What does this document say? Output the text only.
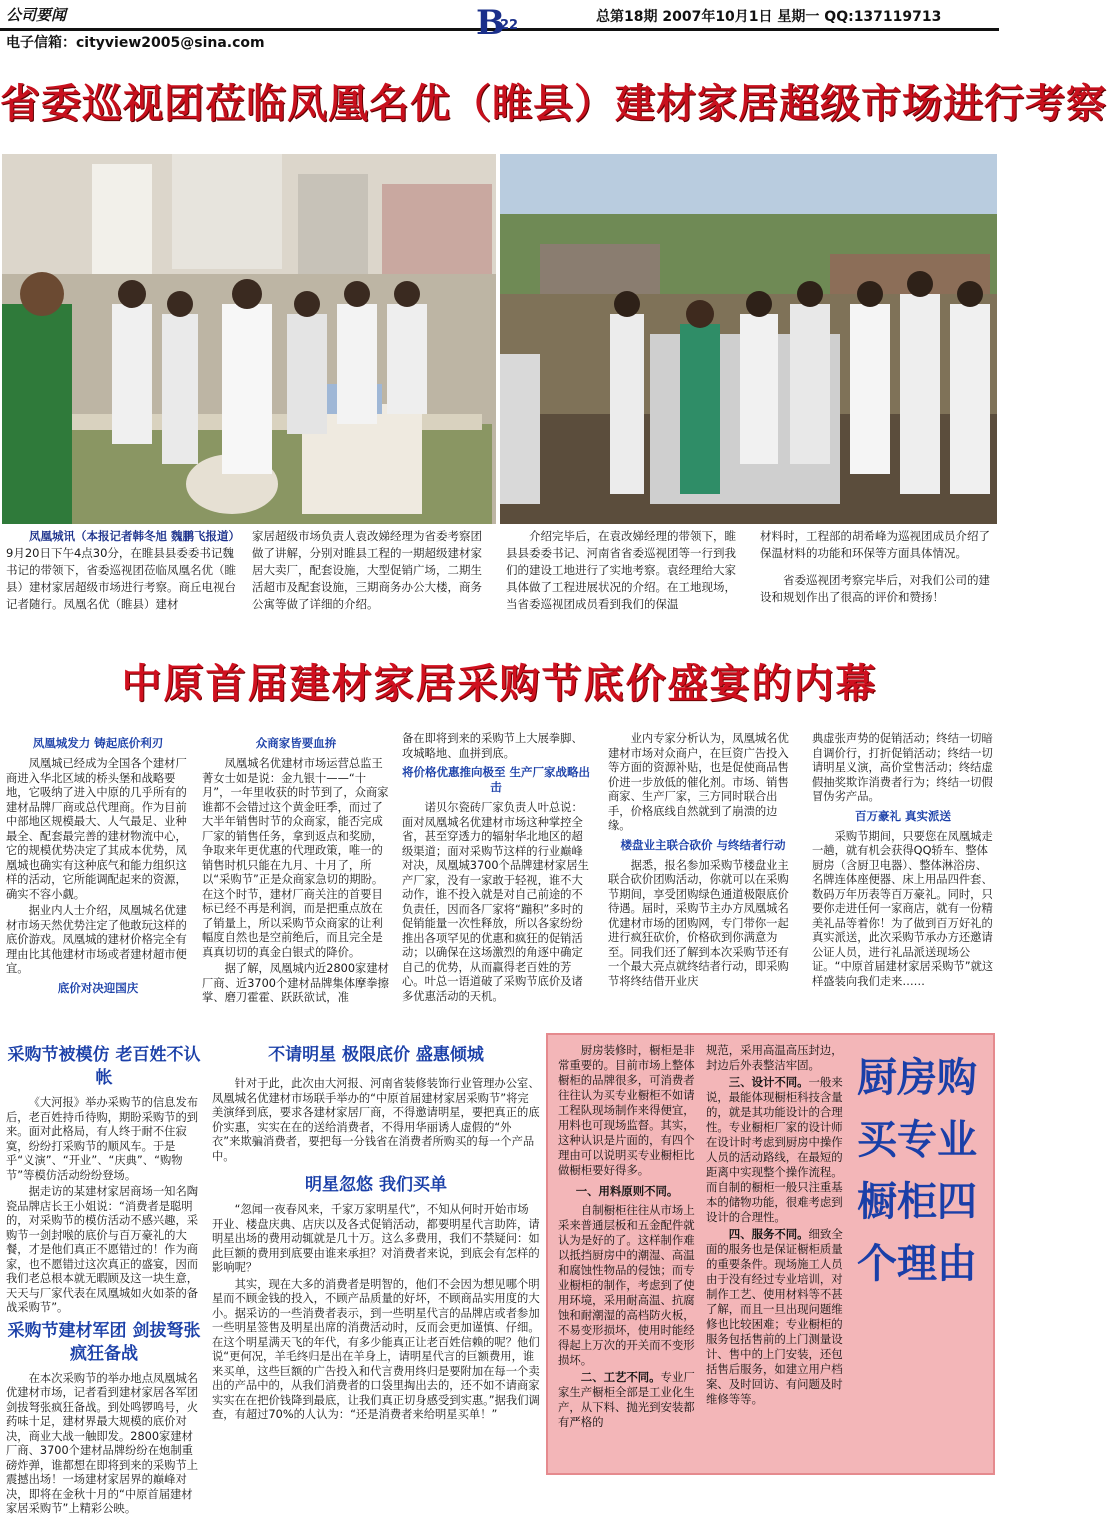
公司要闻	B
22
总第18期 2007年10月1日 星期一 QQ:137119713
电子信箱：cityview2005@sina.com
省委巡视团莅临凤凰名优（睢县）建材家居超级市场进行考察

凤凰城讯（本报记者韩冬旭 魏鹏飞报道）9月20日下午4点30分，在睢县县委委书记魏书记的带领下，省委巡视团莅临凤凰名优（睢县）建材家居超级市场进行考察。商丘电视台记者随行。凤凰名优（睢县）建材

家居超级市场负责人袁改娣经理为省委考察团做了讲解，分别对睢县工程的一期超级建材家居大卖厂，配套设施，大型促销广场，二期生活超市及配套设施，三期商务办公大楼，商务公寓等做了详细的介绍。

介绍完毕后，在袁改娣经理的带领下，睢县县委委书记、河南省省委巡视团等一行到我们的建设工地进行了实地考察。袁经理给大家具体做了工程进展状况的介绍。在工地现场，当省委巡视团成员看到我们的保温

材料时，工程部的胡希峰为巡视团成员介绍了保温材料的功能和环保等方面具体情况。

省委巡视团考察完毕后，对我们公司的建设和规划作出了很高的评价和赞扬！

中原首届建材家居采购节底价盛宴的内幕
凤凰城发力 铸起底价利刃

凤凰城已经成为全国各个建材厂商进入华北区域的桥头堡和战略要地，它吸纳了进入中原的几乎所有的建材品牌厂商或总代理商。作为目前中部地区规模最大、人气最足、业种最全、配套最完善的建材物流中心，它的规模优势决定了其成本优势，凤凰城也确实有这种底气和能力组织这样的活动，它所能调配起来的资源，确实不容小觑。

据业内人士介绍，凤凰城名优建材市场天然优势注定了他敢玩这样的底价游戏。凤凰城的建材价格完全有理由比其他建材市场或者建材超市便宜。

底价对决迎国庆
众商家皆要血拚

凤凰城名优建材市场运营总监王菁女士如是说：金九银十——“十月”，一年里收获的时节到了，众商家谁都不会错过这个黄金旺季，而过了大半年销售时节的众商家，能否完成厂家的销售任务，拿到返点和奖励，争取来年更优惠的代理政策，唯一的销售时机只能在九月、十月了，所以“采购节”正是众商家急切的期盼。在这个时节，建材厂商关注的首要目标已经不再是利润，而是把重点放在了销量上，所以采购节众商家的让利幅度自然也是空前绝后，而且完全是真真切切的真金白银式的降价。

据了解，凤凰城内近2800家建材厂商、近3700个建材品牌集体摩拳擦掌、磨刀霍霍、跃跃欲试，准

备在即将到来的采购节上大展拳脚、攻城略地、血拼到底。

将价格优惠推向极至 生产厂家战略出击

诺贝尔瓷砖厂家负责人叶总说：面对凤凰城名优建材市场这种掌控全省，甚至穿透力的辐射华北地区的超级渠道；面对采购节这样的行业巅峰对决，凤凰城3700个品牌建材家居生产厂家，没有一家敢于轻视，谁不大动作，谁不投入就是对自己前途的不负责任，因而各厂家将“蹦积”多时的促销能量一次性释放，所以各家纷纷推出各项罕见的优惠和疯狂的促销活动；以确保在这场激烈的角逐中确定自己的优势，从而赢得老百姓的芳心。叶总一语道破了采购节底价及诸多优惠活动的天机。

业内专家分析认为，凤凰城名优建材市场对众商户，在巨资广告投入等方面的资源补贴，也是促使商品售价进一步放低的催化剂。市场、销售商家、生产厂家，三方同时联合出手，价格底线自然就到了崩溃的边缘。

楼盘业主联合砍价 与终结者行动

据悉，报名参加采购节楼盘业主联合砍价团购活动，你就可以在采购节期间，享受团购绿色通道极限底价待遇。届时，采购节主办方凤凰城名优建材市场的团购网，专门带你一起进行疯狂砍价，价格砍到你满意为至。同我们还了解到本次采购节还有一个最大亮点就终结者行动，即采购节将终结借开业庆

典虚张声势的促销活动；终结一切暗自调价行，打折促销活动；终结一切请明星义演，高价堂售活动；终结虚假抽奖欺诈消费者行为；终结一切假冒伪劣产品。

百万豪礼 真实派送

采购节期间，只要您在凤凰城走一趟，就有机会获得QQ轿车、整体厨房（含厨卫电器）、整体淋浴房、名牌连体座便器、床上用品四件套、数码万年历表等百万豪礼。同时，只要你走进任何一家商店，就有一份精美礼品等着你！为了做到百万好礼的真实派送，此次采购节承办方还邀请公证人员，进行礼品派送现场公证。“中原首届建材家居采购节”就这样盛装向我们走来……

采购节被模仿 老百姓不认帐

《大河报》举办采购节的信息发布后，老百姓持币待购，期盼采购节的到来。面对此格局，有人终于耐不住寂寞，纷纷打采购节的顺风车。于是乎“义演”、“开业”、“庆典”、“购物节”等模仿活动纷纷登场。

据走访的某建材家居商场一知名陶瓷品牌店长王小姐说：“消费者是聪明的，对采购节的模仿活动不感兴趣，采购节一剑封喉的底价与百万豪礼的大餐，才是他们真正不愿错过的！作为商家，也不愿错过这次真正的盛宴，因而我们老总根本就无暇顾及这一块生意，天天与厂家代表在凤凰城如火如荼的备战采购节”。

采购节建材军团 剑拔弩张疯狂备战

在本次采购节的举办地点凤凰城名优建材市场，记者看到建材家居各军团剑拔弩张疯狂备战。到处鸣锣鸣号，火药味十足，建材界最大规模的底价对决，商业大战一触即发。2800家建材厂商、3700个建材品牌纷纷在炮制重磅炸弹，谁都想在即将到来的采购节上震撼出场！一场建材家居界的巅峰对决，即将在金秋十月的“中原首届建材家居采购节”上精彩公映。

不请明星 极限底价 盛惠倾城

针对于此，此次由大河报、河南省装修装饰行业管理办公室、凤凰城名优建材市场联手举办的“中原首届建材家居采购节”将完美演绎到底，要求各建材家居厂商，不得邀请明星，要把真正的底价实惠，实实在在的送给消费者，不得用华丽诱人虚假的“外衣”来欺骗消费者，要把每一分钱省在消费者所购买的每一个产品中。

明星忽悠 我们买单

“忽闻一夜春风来，千家万家明星代”，不知从何时开始市场开业、楼盘庆典、店庆以及各式促销活动，都要明星代言助阵，请明星出场的费用动辄就是几十万。这么多费用，我们不禁疑问：如此巨额的费用到底要由谁来承担？对消费者来说，到底会有怎样的影响呢？

其实，现在大多的消费者是明智的，他们不会因为想见哪个明星而不顾金钱的投入，不顾产品质量的好坏，不顾商品实用度的大小。据采访的一些消费者表示，到一些明星代言的品牌店或者参加一些明星签售及明星出席的消费活动时，反而会更加谨慎、仔细。在这个明星满天飞的年代，有多少能真正让老百姓信赖的呢？他们说“更何况，羊毛终归是出在羊身上，请明星代言的巨额费用，谁来买单，这些巨额的广告投入和代言费用终归是要附加在每一个卖出的产品中的，从我们消费者的口袋里掏出去的，还不如不请商家实实在在把价钱降到最底，让我们真正切身感受到实惠。”据我们调查，有超过70%的人认为：“还是消费者来给明星买单！”

厨房装修时，橱柜是非常重要的。目前市场上整体橱柜的品牌很多，可消费者往往认为买专业橱柜不如请工程队现场制作来得便宜，用料也可现场监督。其实，这种认识是片面的，有四个理由可以说明买专业橱柜比做橱柜要好得多。

一、用料原则不同。

自制橱柜往往从市场上采来普通层板和五金配件就认为是好的了。这样制作难以抵挡厨房中的潮湿、高温和腐蚀性物品的侵蚀；而专业橱柜的制作，考虑到了使用环境，采用耐高温、抗腐蚀和耐潮湿的高档防火板，不易变形损坏，使用时能经得起上万次的开关而不变形损坏。

二、工艺不同。专业厂家生产橱柜全部是工业化生产，从下料、抛光到安装都有严格的

规范，采用高温高压封边，封边后外表整洁牢固。

三、设计不同。一般来说，最能体现橱柜科技含量的，就是其功能设计的合理性。专业橱柜厂家的设计师在设计时考虑到厨房中操作人员的活动路线，在最短的距离中实现整个操作流程。而自制的橱柜一般只注重基本的储物功能，很难考虑到设计的合理性。

四、服务不同。细致全面的服务也是保证橱柜质量的重要条件。现场施工人员由于没有经过专业培训，对制作工艺、使用材料等不甚了解，而且一旦出现问题维修也比较困难；专业橱柜的服务包括售前的上门测量设计、售中的上门安装，还包括售后服务，如建立用户档案、及时回访、有问题及时维修等等。

厨房购买专业橱柜四个理由
